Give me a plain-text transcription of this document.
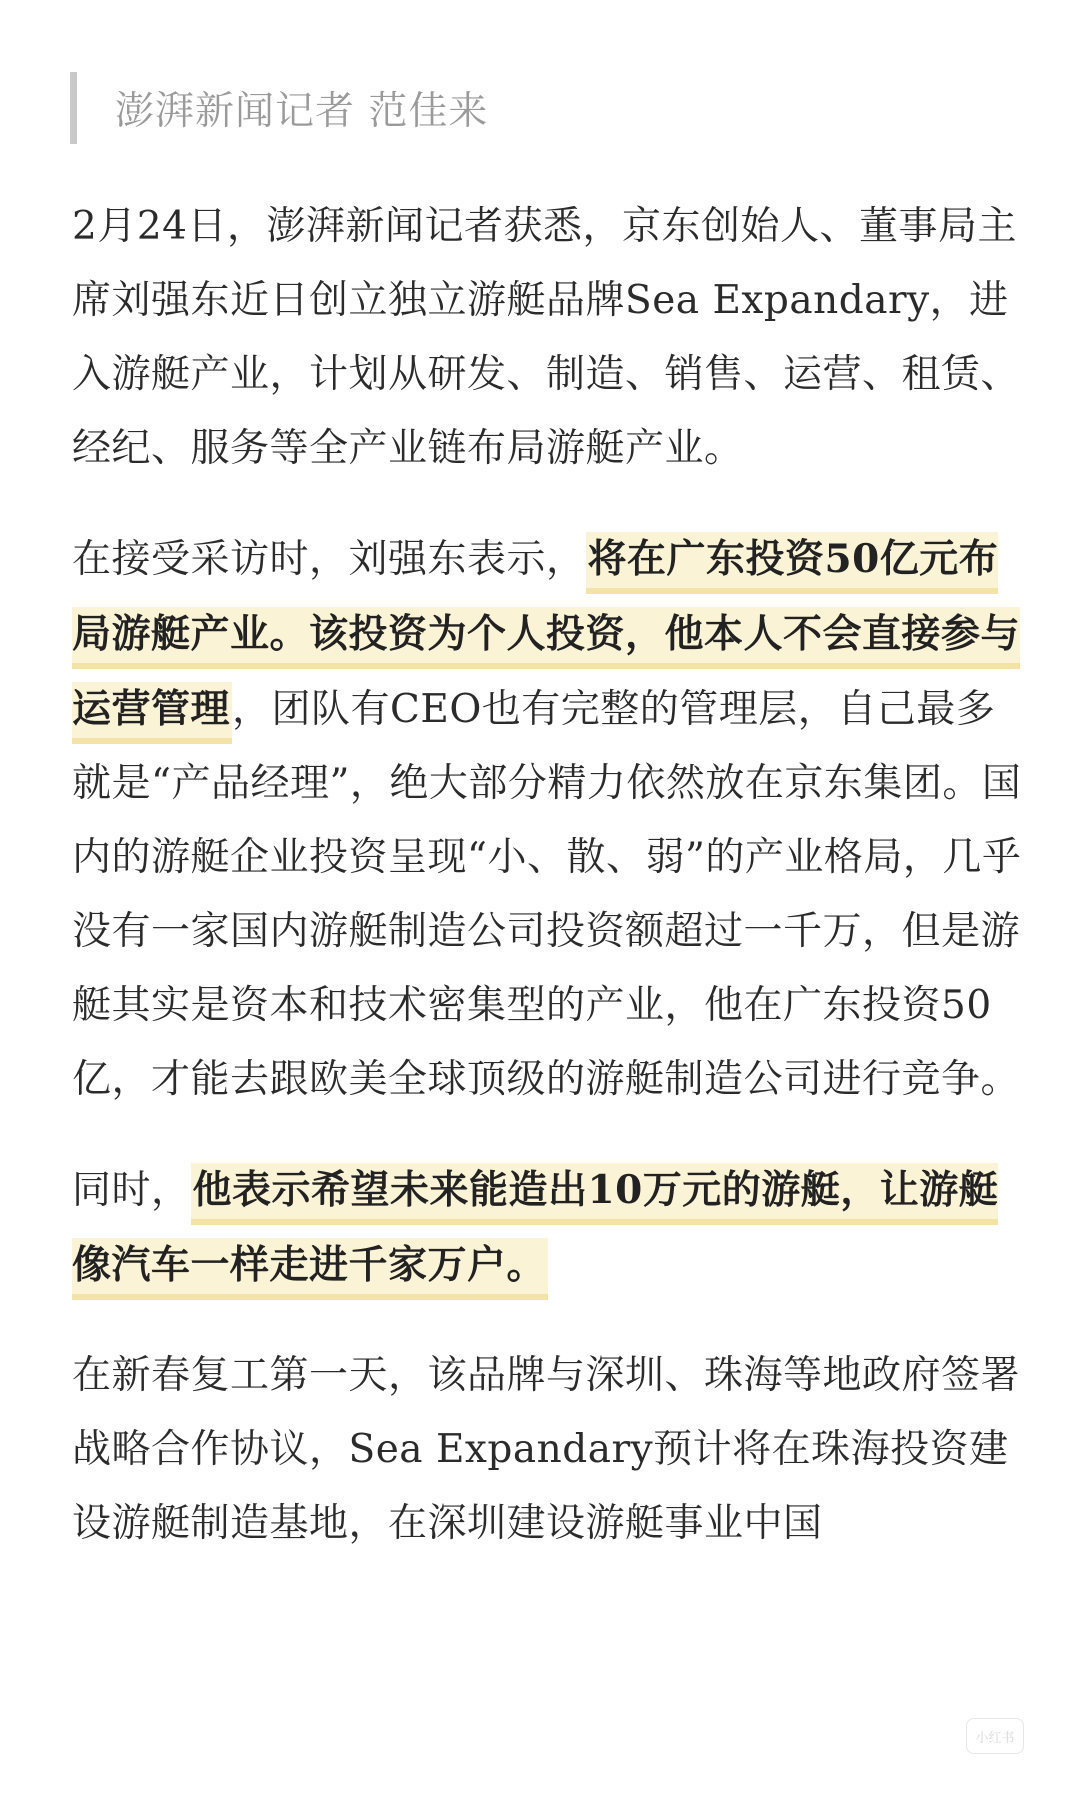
澎湃新闻记者 范佳来

2月24日，澎湃新闻记者获悉，京东创始人、董事局主席刘强东近日创立独立游艇品牌Sea Expandary，进入游艇产业，计划从研发、制造、销售、运营、租赁、经纪、服务等全产业链布局游艇产业。

在接受采访时，刘强东表示，将在广东投资50亿元布局游艇产业。该投资为个人投资，他本人不会直接参与运营管理，团队有CEO也有完整的管理层，自己最多就是“产品经理”，绝大部分精力依然放在京东集团。国内的游艇企业投资呈现“小、散、弱”的产业格局，几乎没有一家国内游艇制造公司投资额超过一千万，但是游艇其实是资本和技术密集型的产业，他在广东投资50亿，才能去跟欧美全球顶级的游艇制造公司进行竞争。

同时，他表示希望未来能造出10万元的游艇，让游艇像汽车一样走进千家万户。

在新春复工第一天，该品牌与深圳、珠海等地政府签署战略合作协议，Sea Expandary预计将在珠海投资建设游艇制造基地，在深圳建设游艇事业中国

小红书
